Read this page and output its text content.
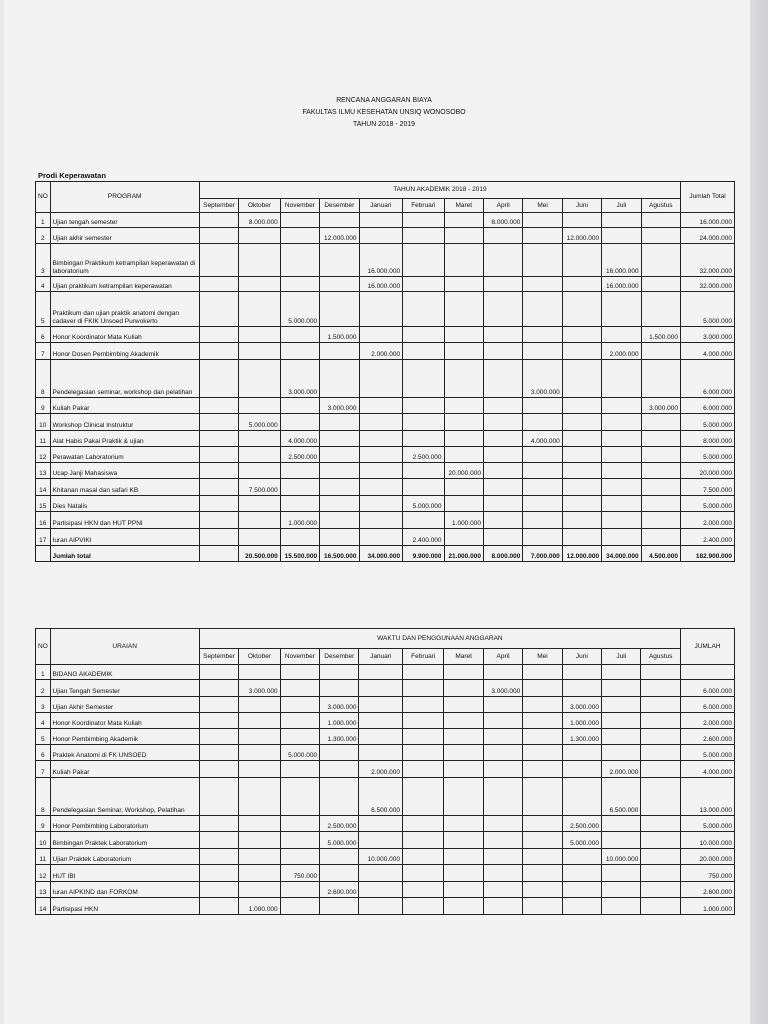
RENCANA ANGGARAN BIAYA
FAKULTAS ILMU KESEHATAN UNSIQ WONOSOBO
TAHUN 2018 - 2019
Prodi Keperawatan
NO	PROGRAM	TAHUN AKADEMIK 2018 - 2019												Jumlah Total
		September	Oktober	November	Desember	Januari	Februari	Maret	April	Mei	Juni	Juli	Agustus	
1	Ujian tengah semester		8.000.000						8.000.000					16.000.000
2	Ujian akhir semester				12.000.000						12.000.000			24.000.000
3	Bimbingan Praktikum ketrampilan keperawatan di laboratorium					16.000.000						16.000.000		32.000.000
4	Ujian praktikum ketrampilan keperawatan					16.000.000						16.000.000		32.000.000
5	Praktikum dan ujian praktik anatomi dengan cadaver di FKIK Unsoed Purwokerto			5.000.000										5.000.000
6	Honor Koordinator Mata Kuliah				1.500.000								1.500.000	3.000.000
7	Honor Dosen Pembimbing Akademik					2.000.000						2.000.000		4.000.000
8	Pendelegasian seminar, workshop dan pelatihan			3.000.000						3.000.000				6.000.000
9	Kuliah Pakar				3.000.000								3.000.000	6.000.000
10	Workshop Clinical Instruktur		5.000.000											5.000.000
11	Alat Habis Pakai Praktik & ujian			4.000.000						4.000.000				8.000.000
12	Perawatan Laboratorium			2.500.000			2.500.000							5.000.000
13	Ucap Janji Mahasiswa							20.000.000						20.000.000
14	Khitanan masal dan safari KB		7.500.000											7.500.000
15	Dies Natalis						5.000.000							5.000.000
16	Partisipasi HKN dan HUT PPNI			1.000.000				1.000.000						2.000.000
17	Iuran AIPVIKI						2.400.000							2.400.000
	Jumlah total		20.500.000	15.500.000	16.500.000	34.000.000	9.900.000	21.000.000	8.000.000	7.000.000	12.000.000	34.000.000	4.500.000	182.900.000
NO	URAIAN	WAKTU DAN PENGGUNAAN ANGGARAN												JUMLAH
		September	Oktober	November	Desember	Januari	Februari	Maret	April	Mei	Juni	Juli	Agustus	
1	BIDANG AKADEMIK													
2	Ujian Tengah Semester		3.000.000						3.000.000					6.000.000
3	Ujian Akhir Semester				3.000.000						3.000.000			6.000.000
4	Honor Koordinator Mata Kuliah				1.000.000						1.000.000			2.000.000
5	Honor Pembimbing Akademik				1.300.000						1.300.000			2.600.000
6	Praktek Anatomi di FK UNSOED			5.000.000										5.000.000
7	Kuliah Pakar					2.000.000						2.000.000		4.000.000
8	Pendelegasian Seminar, Workshop, Pelatihan					6.500.000						6.500.000		13.000.000
9	Honor Pembimbing Laboratorium				2.500.000						2.500.000			5.000.000
10	Bimbingan Praktek Laboratorium				5.000.000						5.000.000			10.000.000
11	Ujian Praktek Laboratorium					10.000.000						10.000.000		20.000.000
12	HUT IBI			750.000										750.000
13	Iuran AIPKIND dan FORKOM				2.600.000									2.600.000
14	Partisipasi HKN		1.000.000											1.000.000
